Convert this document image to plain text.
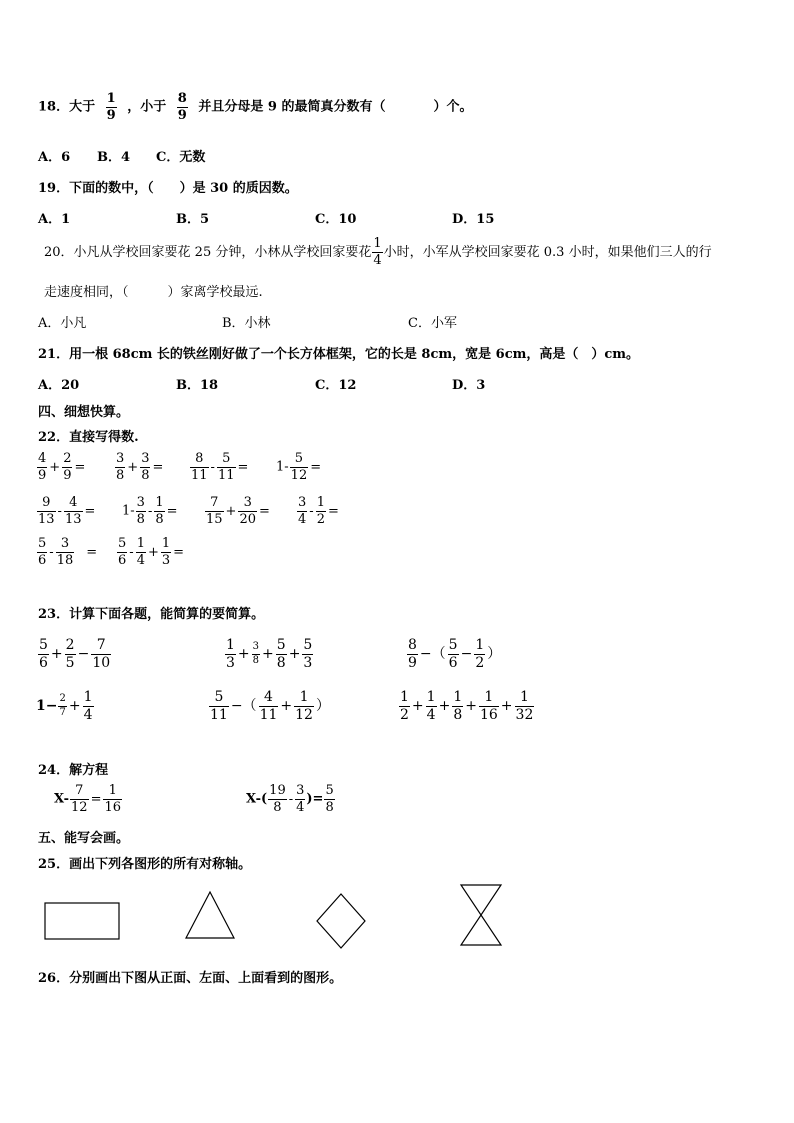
18．大于 $\frac{1}{9}$ ，小于 $\frac{8}{9}$ 并且分母是 9 的最简真分数有（	）个。
A．6 B．4 C．无数
19．下面的数中，（　　）是 30 的质因数。
A．1	B．5	C．10	D．15
20．小凡从学校回家要花 25 分钟，小林从学校回家要花 $\frac{1}{4}$ 小时，小军从学校回家要花 0.3 小时，如果他们三人的行
走速度相同，（　　　）家离学校最远.
A．小凡	B．小林	C．小军
21．用一根 68cm 长的铁丝刚好做了一个长方体框架，它的长是 8cm，宽是 6cm，高是（　）cm。
A．20	B．18	C．12	D．3
四、细想快算。
22．直接写得数.
$\frac{4}{9} + \frac{2}{9} = \frac{3}{8} + \frac{3}{8} = \frac{8}{11} - \frac{5}{11} = 1- \frac{5}{12}$ =
$\frac{9}{13} - \frac{4}{13} = 1- \frac{3}{8} - \frac{1}{8} = \frac{7}{15} + \frac{3}{20} = \frac{3}{4} - \frac{1}{2}$ =
$\frac{5}{6} - \frac{3}{18} = \frac{5}{6} - \frac{1}{4} + \frac{1}{3}$ =
23．计算下面各题，能简算的要简算。
$\frac{5}{6} + \frac{2}{5} - \frac{7}{10}$	$\frac{1}{3} + \frac{3}{8} + \frac{5}{8} + \frac{5}{3}$	$\frac{8}{9}$ −（ $\frac{5}{6} - \frac{1}{2}$ ）
$1- \frac{2}{7} + \frac{1}{4}$	$\frac{5}{11}$ −（ $\frac{4}{11} + \frac{1}{12}$ ）	$\frac{1}{2} + \frac{1}{4} + \frac{1}{8} + \frac{1}{16} + \frac{1}{32}$
24．解方程
$X- \frac{7}{12} = \frac{1}{16}$	$X-( \frac{19}{8} - \frac{3}{4}$ )= $\frac{5}{8}$
五、能写会画。
25．画出下列各图形的所有对称轴。
26．分别画出下图从正面、左面、上面看到的图形。
